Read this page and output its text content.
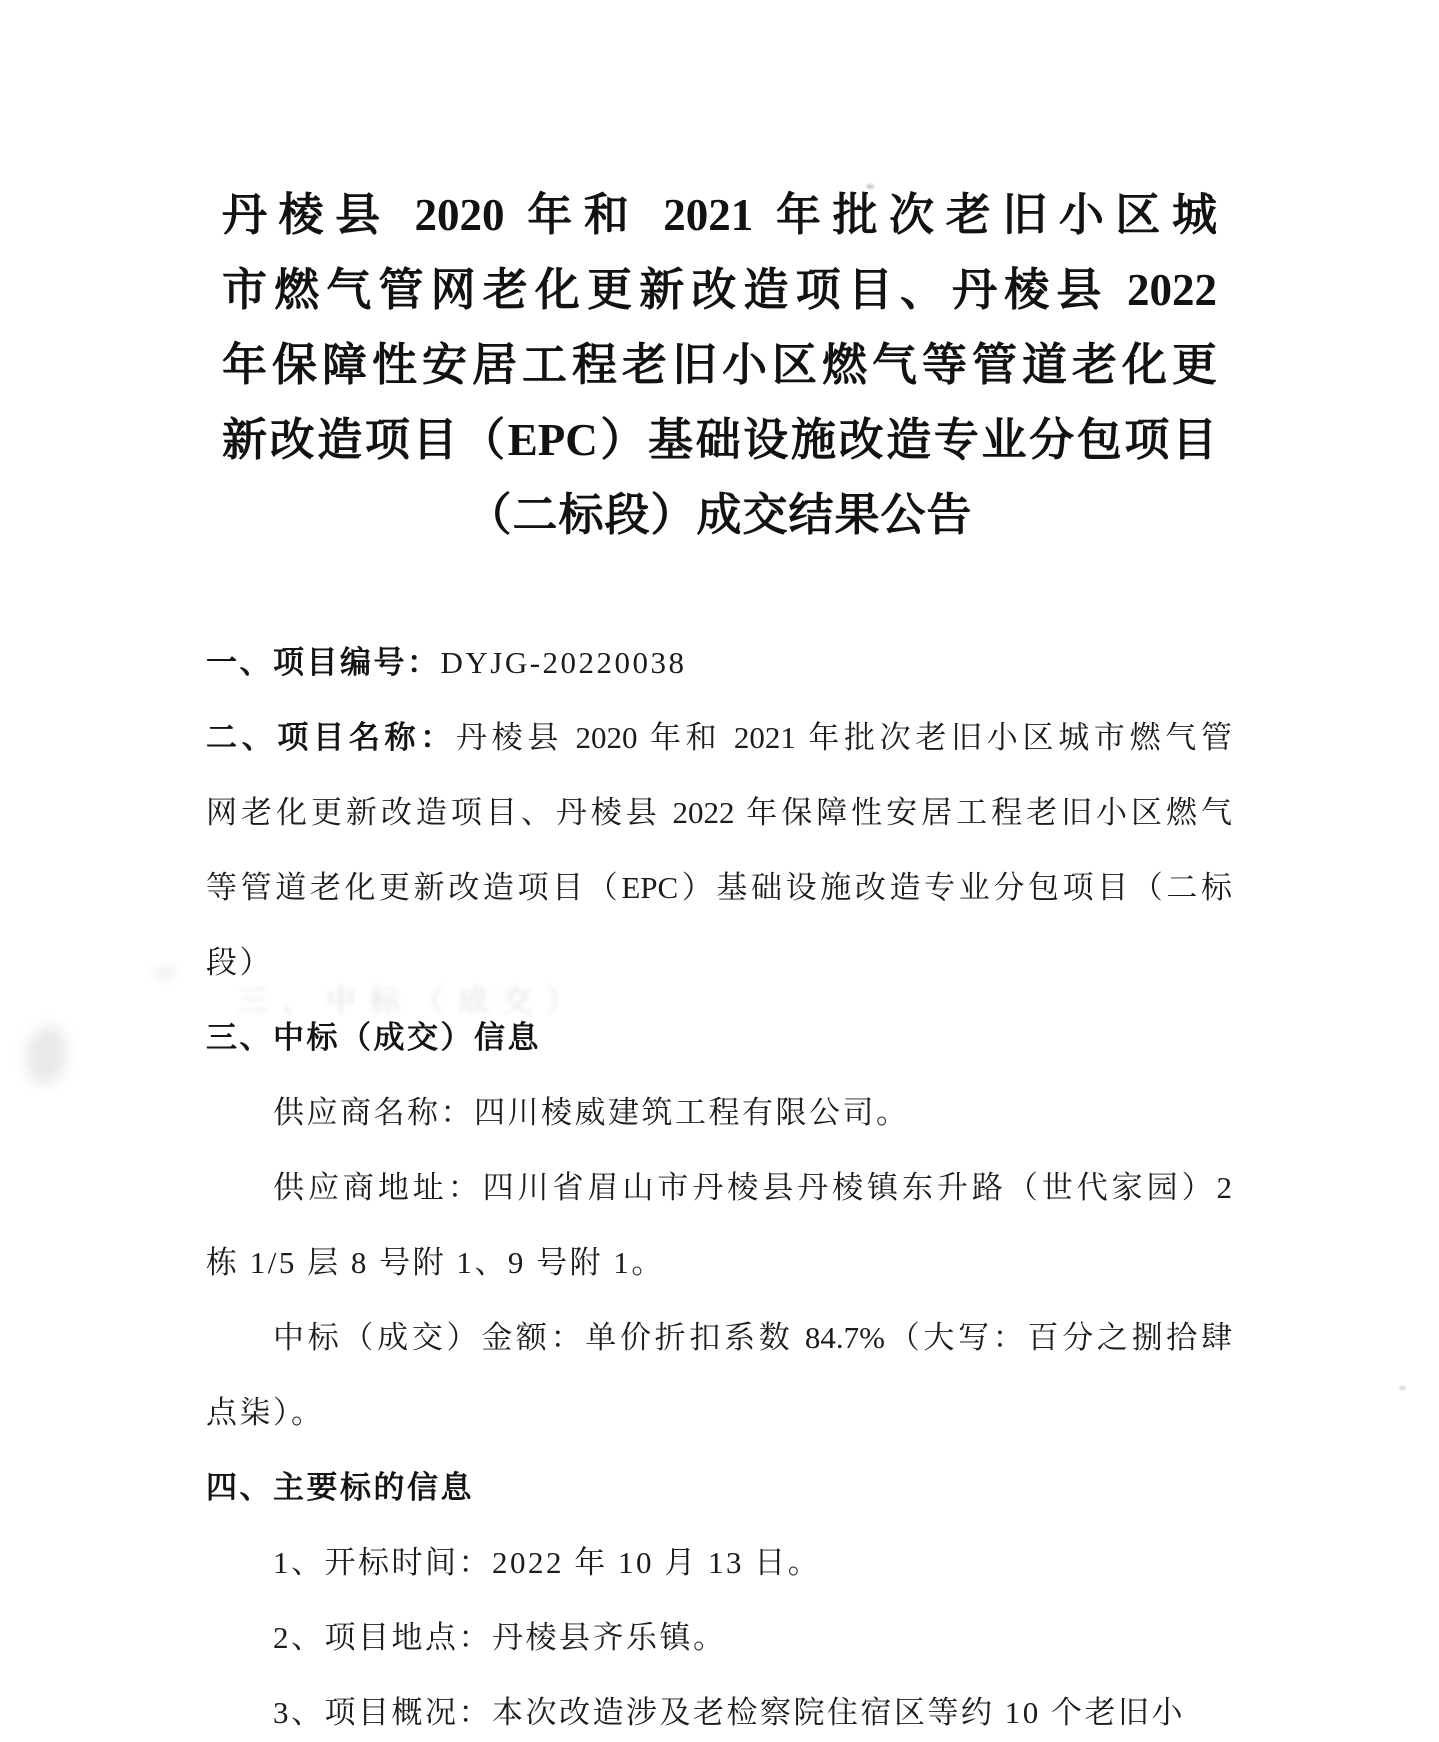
三、中标（成交）
丹棱县 2020 年和 2021 年批次老旧小区城
市燃气管网老化更新改造项目、丹棱县 2022
年保障性安居工程老旧小区燃气等管道老化更
新改造项目（EPC）基础设施改造专业分包项目
（二标段）成交结果公告
一、项目编号：DYJG-20220038
二、项目名称：丹棱县 2020 年和 2021 年批次老旧小区城市燃气管
网老化更新改造项目、丹棱县 2022 年保障性安居工程老旧小区燃气
等管道老化更新改造项目（EPC）基础设施改造专业分包项目（二标
段）
三、中标（成交）信息
供应商名称：四川棱威建筑工程有限公司。
供应商地址：四川省眉山市丹棱县丹棱镇东升路（世代家园）2
栋 1/5 层 8 号附 1、9 号附 1。
中标（成交）金额：单价折扣系数 84.7%（大写：百分之捌拾肆
点柒）。
四、主要标的信息
1、开标时间：2022 年 10 月 13 日。
2、项目地点：丹棱县齐乐镇。
3、项目概况：本次改造涉及老检察院住宿区等约 10 个老旧小
